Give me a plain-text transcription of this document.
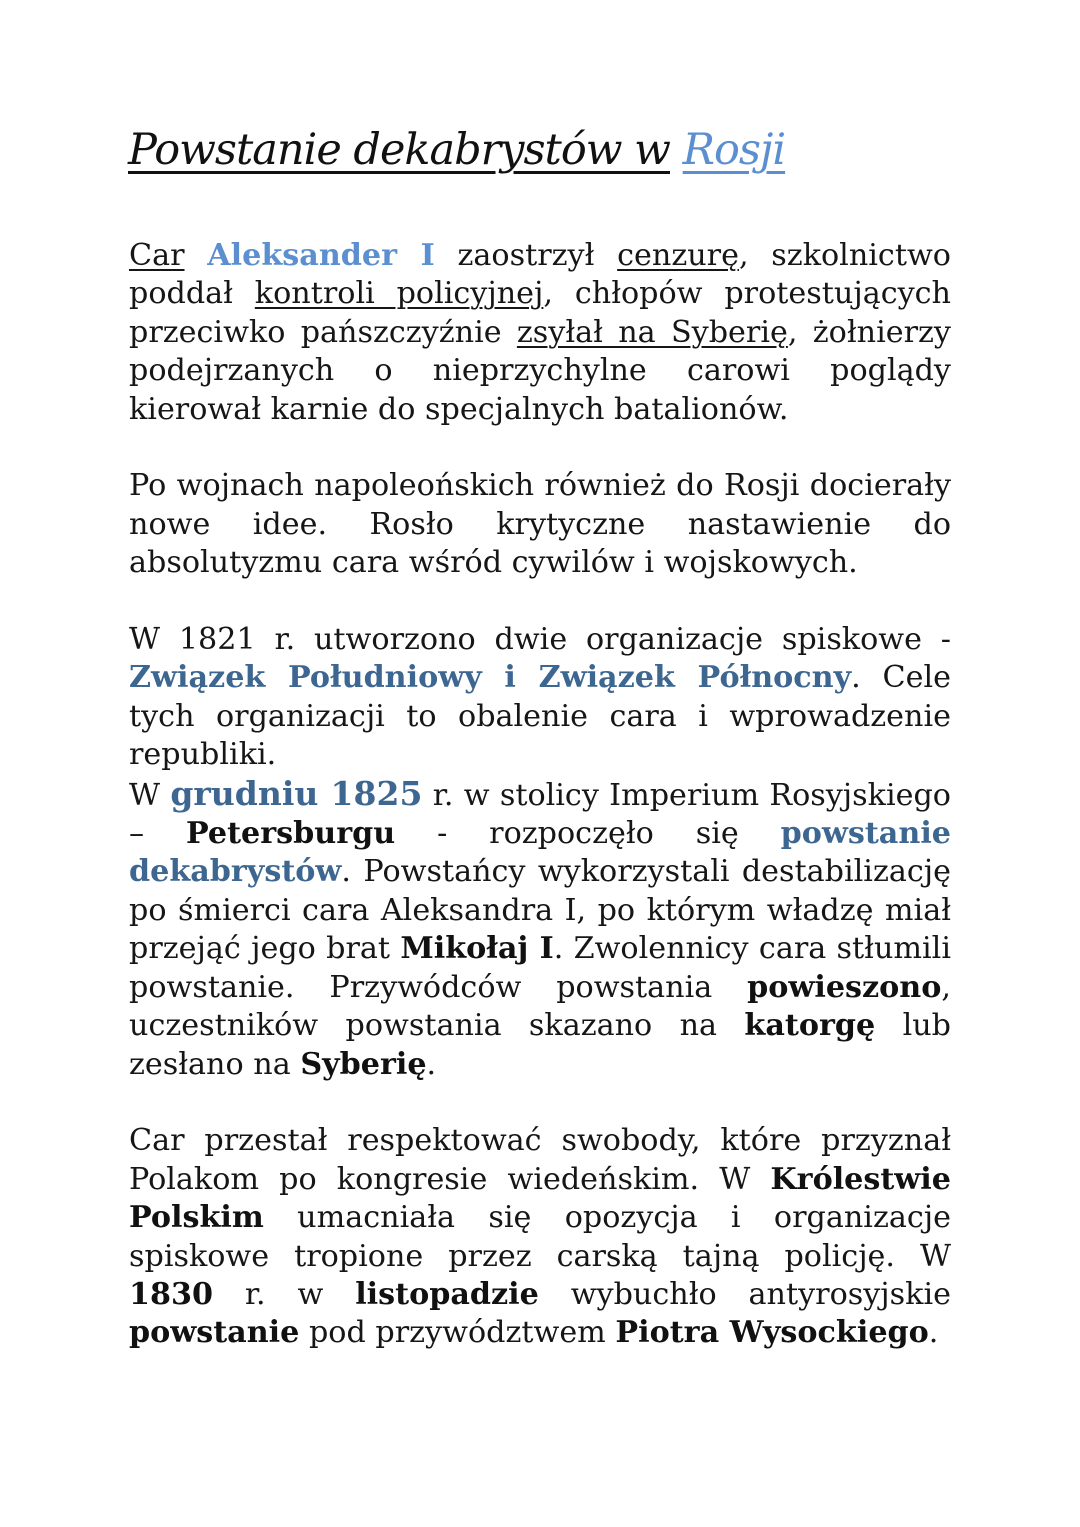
Powstanie dekabrystów w Rosji

Car Aleksander I zaostrzył cenzurę, szkolnictwo poddał kontroli policyjnej, chłopów protestujących przeciwko pańszczyźnie zsyłał na Syberię, żołnierzy podejrzanych o nieprzychylne carowi poglądy kierował karnie do specjalnych batalionów.

Po wojnach napoleońskich również do Rosji docierały nowe idee. Rosło krytyczne nastawienie do absolutyzmu cara wśród cywilów i wojskowych.

W 1821 r. utworzono dwie organizacje spiskowe - Związek Południowy i Związek Północny. Cele tych organizacji to obalenie cara i wprowadzenie republiki.

W grudniu 1825 r. w stolicy Imperium Rosyjskiego – Petersburgu - rozpoczęło się powstanie dekabrystów. Powstańcy wykorzystali destabilizację po śmierci cara Aleksandra I, po którym władzę miał przejąć jego brat Mikołaj I. Zwolennicy cara stłumili powstanie. Przywódców powstania powieszono, uczestników powstania skazano na katorgę lub zesłano na Syberię.

Car przestał respektować swobody, które przyznał Polakom po kongresie wiedeńskim. W Królestwie Polskim umacniała się opozycja i organizacje spiskowe tropione przez carską tajną policję. W 1830 r. w listopadzie wybuchło antyrosyjskie powstanie pod przywództwem Piotra Wysockiego.
